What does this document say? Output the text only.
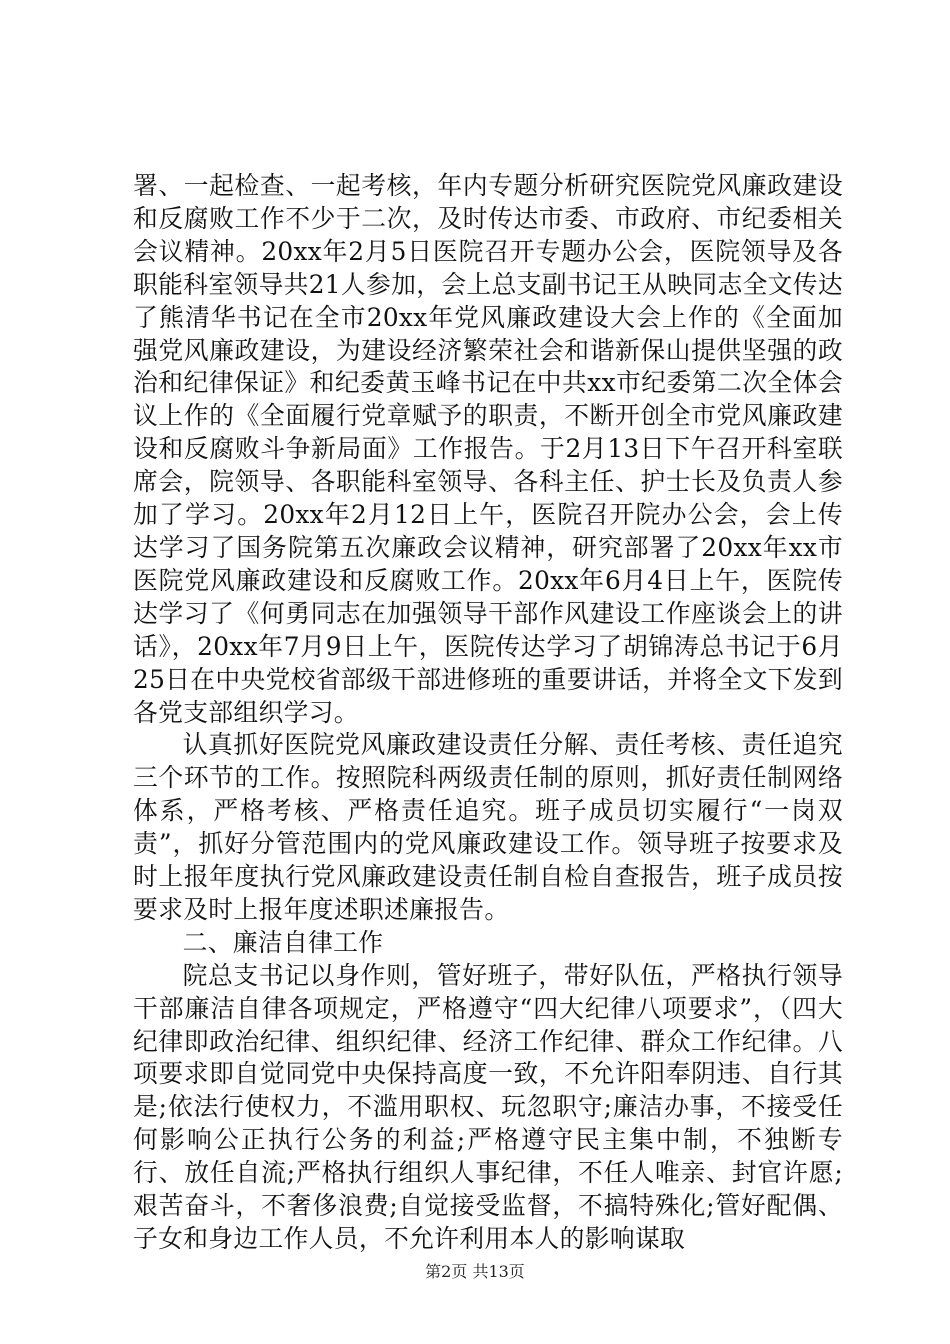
署、一起检查、一起考核，年内专题分析研究医院党风廉政建设和反腐败工作不少于二次，及时传达市委、市政府、市纪委相关会议精神。20xx年2月5日医院召开专题办公会，医院领导及各职能科室领导共21人参加，会上总支副书记王从映同志全文传达了熊清华书记在全市20xx年党风廉政建设大会上作的《全面加强党风廉政建设，为建设经济繁荣社会和谐新保山提供坚强的政治和纪律保证》和纪委黄玉峰书记在中共xx市纪委第二次全体会议上作的《全面履行党章赋予的职责，不断开创全市党风廉政建设和反腐败斗争新局面》工作报告。于2月13日下午召开科室联席会，院领导、各职能科室领导、各科主任、护士长及负责人参加了学习。20xx年2月12日上午，医院召开院办公会，会上传达学习了国务院第五次廉政会议精神，研究部署了20xx年xx市医院党风廉政建设和反腐败工作。20xx年6月4日上午，医院传达学习了《何勇同志在加强领导干部作风建设工作座谈会上的讲话》，20xx年7月9日上午，医院传达学习了胡锦涛总书记于6月25日在中央党校省部级干部进修班的重要讲话，并将全文下发到各党支部组织学习。

认真抓好医院党风廉政建设责任分解、责任考核、责任追究三个环节的工作。按照院科两级责任制的原则，抓好责任制网络体系，严格考核、严格责任追究。班子成员切实履行“一岗双责”，抓好分管范围内的党风廉政建设工作。领导班子按要求及时上报年度执行党风廉政建设责任制自检自查报告，班子成员按要求及时上报年度述职述廉报告。

二、廉洁自律工作

院总支书记以身作则，管好班子，带好队伍，严格执行领导干部廉洁自律各项规定，严格遵守“四大纪律八项要求”，（四大纪律即政治纪律、组织纪律、经济工作纪律、群众工作纪律。八项要求即自觉同党中央保持高度一致，不允许阳奉阴违、自行其是;依法行使权力，不滥用职权、玩忽职守;廉洁办事，不接受任何影响公正执行公务的利益;严格遵守民主集中制，不独断专行、放任自流;严格执行组织人事纪律，不任人唯亲、封官许愿;艰苦奋斗，不奢侈浪费;自觉接受监督，不搞特殊化;管好配偶、子女和身边工作人员，不允许利用本人的影响谋取

第2页 共13页
